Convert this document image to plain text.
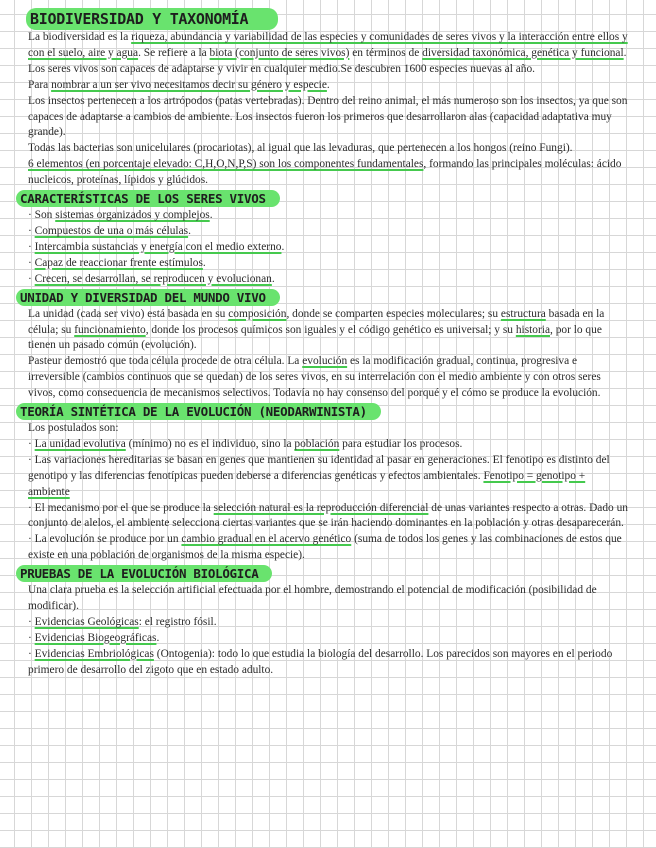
BIODIVERSIDAD Y TAXONOMÍA

La biodiversidad es la riqueza, abundancia y variabilidad de las especies y comunidades de seres vivos y la interacción entre ellos y con el suelo, aire y agua. Se refiere a la biota (conjunto de seres vivos) en términos de diversidad taxonómica, genética y funcional.

Los seres vivos son capaces de adaptarse y vivir en cualquier medio.Se descubren 1600 especies nuevas al año.

Para nombrar a un ser vivo necesitamos decir su género y especie.

Los insectos pertenecen a los artrópodos (patas vertebradas). Dentro del reino animal, el más numeroso son los insectos, ya que son capaces de adaptarse a cambios de ambiente. Los insectos fueron los primeros que desarrollaron alas (capacidad adaptativa muy grande).

Todas las bacterias son unicelulares (procariotas), al igual que las levaduras, que pertenecen a los hongos (reino Fungi).

6 elementos (en porcentaje elevado: C,H,O,N,P,S) son los componentes fundamentales, formando las principales moléculas: ácido nucleicos, proteínas, lípidos y glúcidos.

CARACTERÍSTICAS DE LOS SERES VIVOS

· Son sistemas organizados y complejos.

· Compuestos de una o más células.

· Intercambia sustancias y energía con el medio externo.

· Capaz de reaccionar frente estímulos.

· Crecen, se desarrollan, se reproducen y evolucionan.

UNIDAD Y DIVERSIDAD DEL MUNDO VIVO

La unidad (cada ser vivo) está basada en su composición, donde se comparten especies moleculares; su estructura basada en la célula; su funcionamiento, donde los procesos químicos son iguales y el código genético es universal; y su historia, por lo que tienen un pasado común (evolución).

Pasteur demostró que toda célula procede de otra célula. La evolución es la modificación gradual, continua, progresiva e irreversible (cambios continuos que se quedan) de los seres vivos, en su interrelación con el medio ambiente y con otros seres vivos, como consecuencia de mecanismos selectivos. Todavía no hay consenso del porqué y el cómo se produce la evolución.

TEORÍA SINTÉTICA DE LA EVOLUCIÓN (NEODARWINISTA)

Los postulados son:

· La unidad evolutiva (mínimo) no es el individuo, sino la población para estudiar los procesos.

· Las variaciones hereditarias se basan en genes que mantienen su identidad al pasar en generaciones. El fenotipo es distinto del genotipo y las diferencias fenotípicas pueden deberse a diferencias genéticas y efectos ambientales. Fenotipo = genotipo + ambiente

· El mecanismo por el que se produce la selección natural es la reproducción diferencial de unas variantes respecto a otras. Dado un conjunto de alelos, el ambiente selecciona ciertas variantes que se irán haciendo dominantes en la población y otras desaparecerán.

· La evolución se produce por un cambio gradual en el acervo genético (suma de todos los genes y las combinaciones de estos que existe en una población de organismos de la misma especie).

PRUEBAS DE LA EVOLUCIÓN BIOLÓGICA

Una clara prueba es la selección artificial efectuada por el hombre, demostrando el potencial de modificación (posibilidad de modificar).

· Evidencias Geológicas: el registro fósil.

· Evidencias Biogeográficas.

· Evidencias Embriológicas (Ontogenia): todo lo que estudia la biología del desarrollo. Los parecidos son mayores en el periodo primero de desarrollo del zigoto que en estado adulto.
